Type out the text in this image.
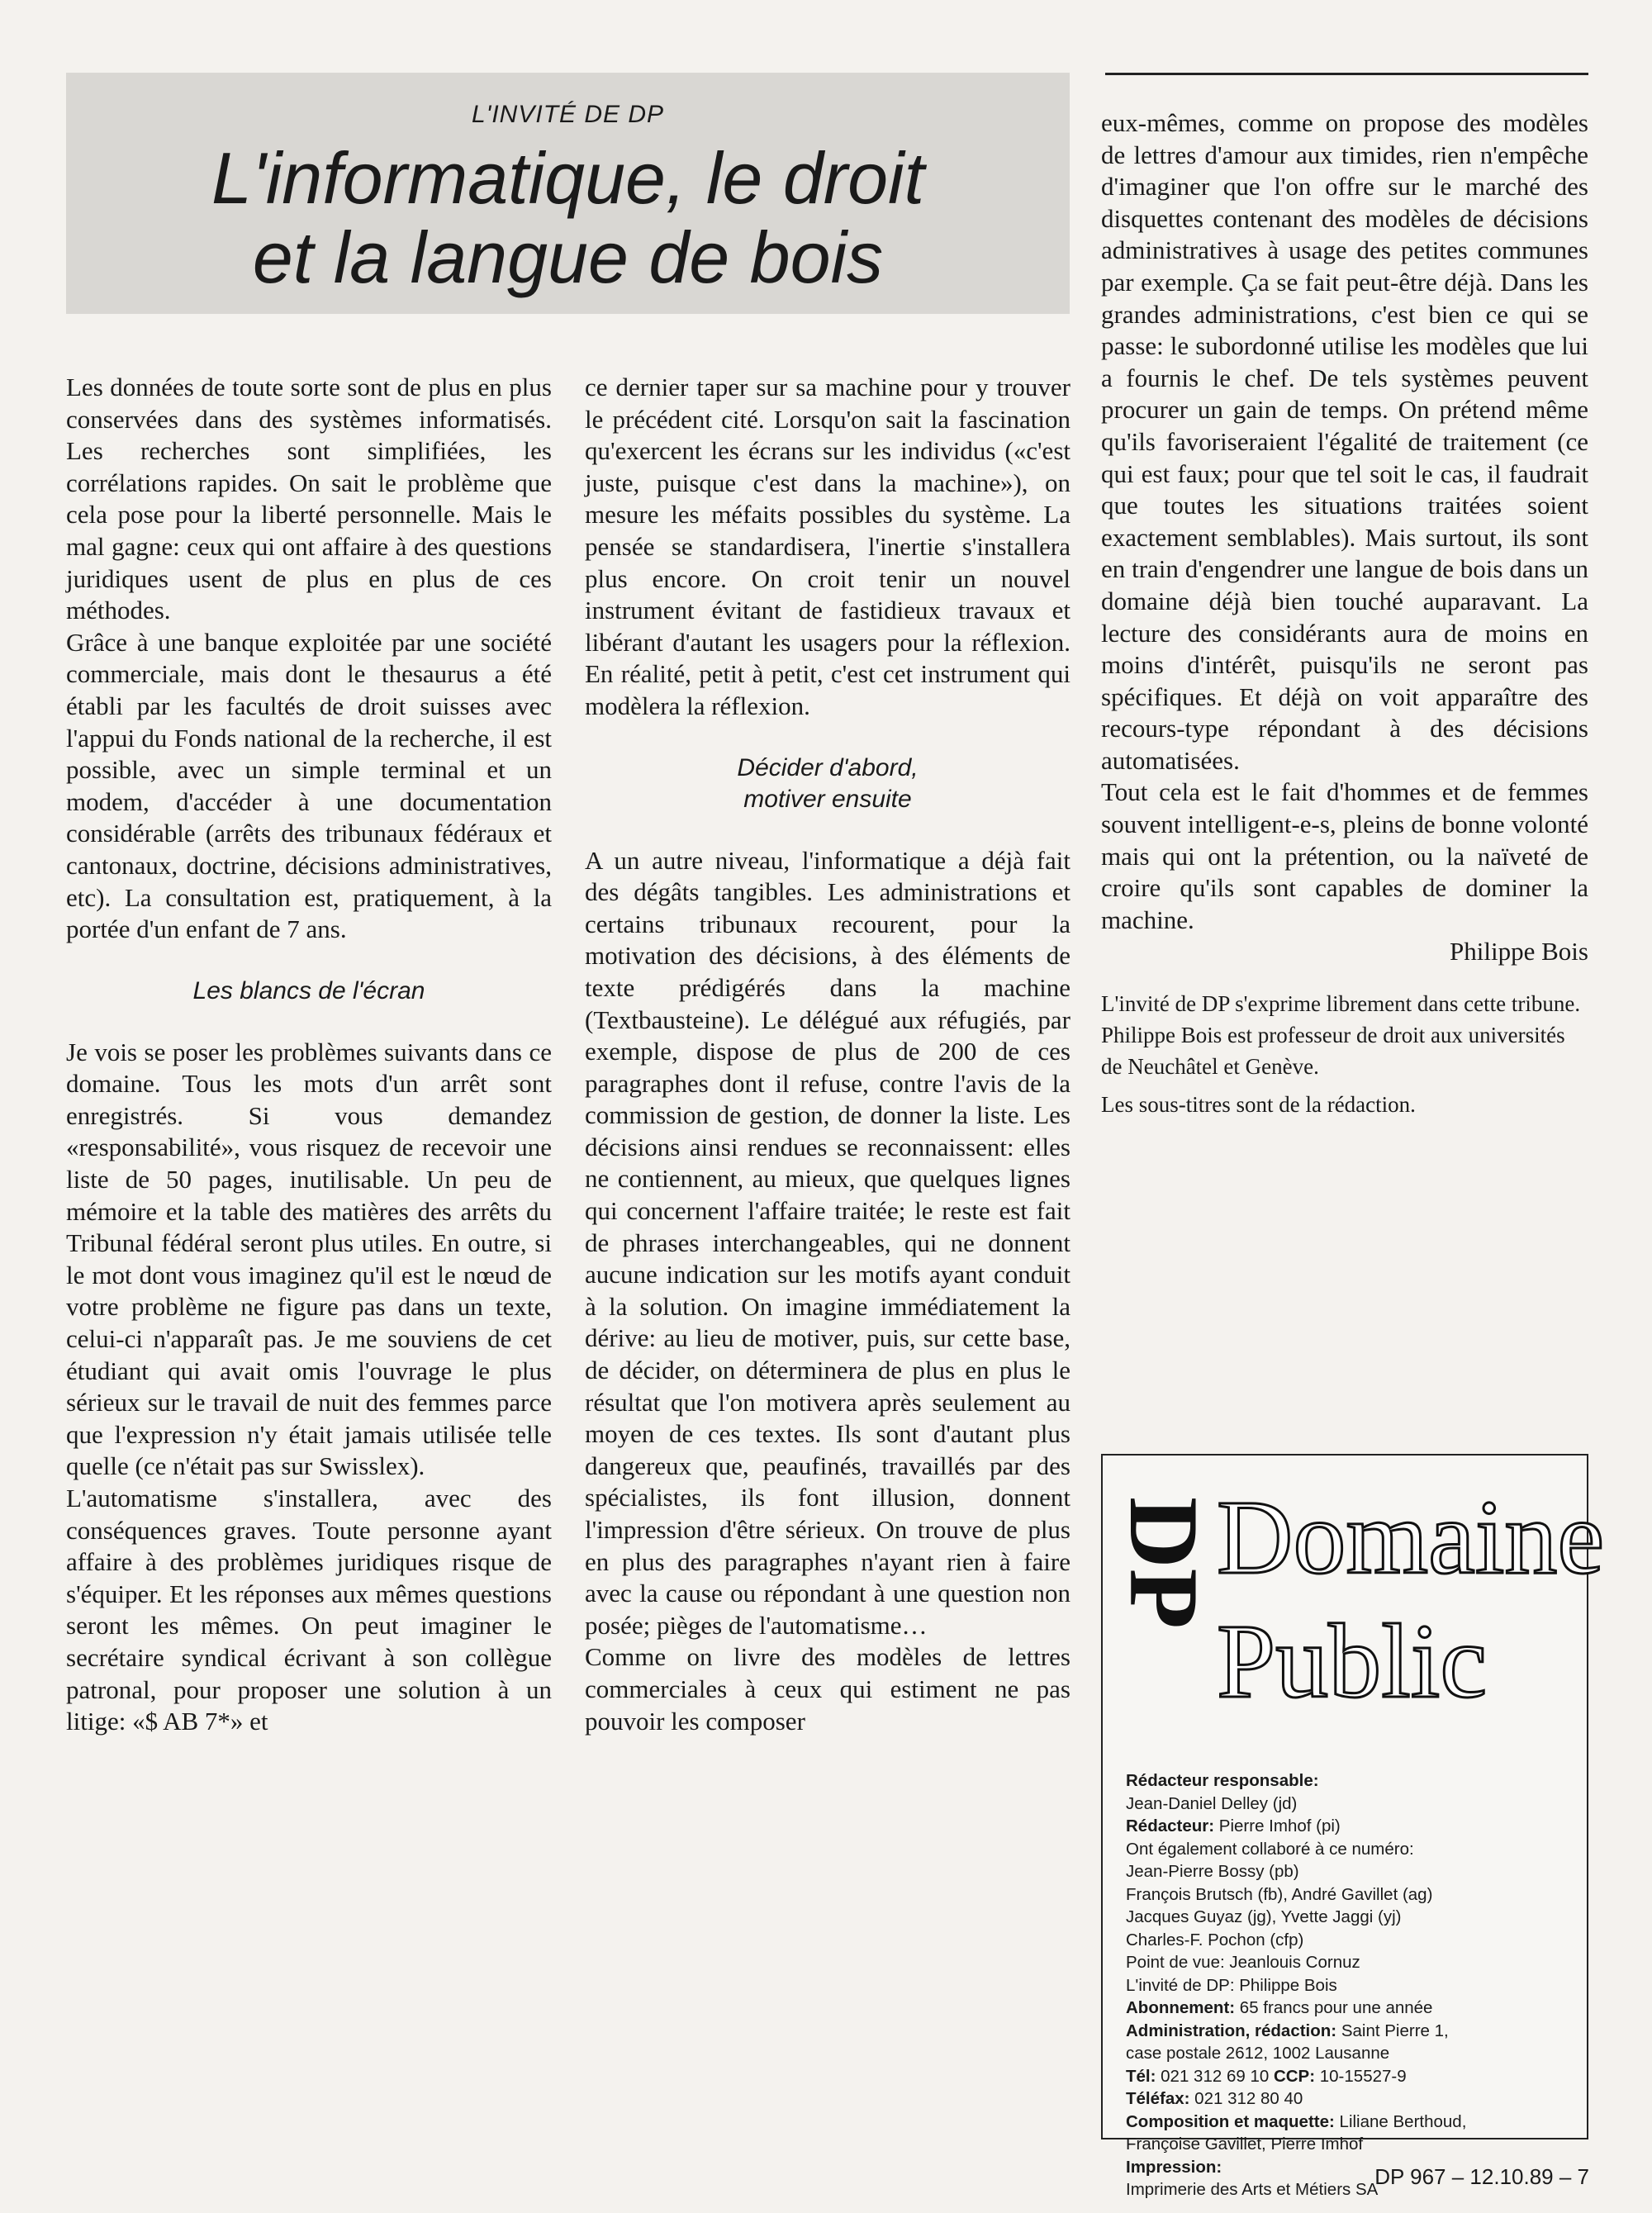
L'INVITÉ DE DP
L'informatique, le droit
et la langue de bois

Les données de toute sorte sont de plus en plus conservées dans des systèmes informatisés. Les recherches sont simplifiées, les corrélations rapides. On sait le problème que cela pose pour la liberté personnelle. Mais le mal gagne: ceux qui ont affaire à des questions juridiques usent de plus en plus de ces méthodes.

Grâce à une banque exploitée par une société commerciale, mais dont le thesaurus a été établi par les facultés de droit suisses avec l'appui du Fonds national de la recherche, il est possible, avec un simple terminal et un modem, d'accéder à une documentation considérable (arrêts des tribunaux fédéraux et cantonaux, doctrine, décisions administratives, etc). La consultation est, pratiquement, à la portée d'un enfant de 7 ans.

Les blancs de l'écran

Je vois se poser les problèmes suivants dans ce domaine. Tous les mots d'un arrêt sont enregistrés. Si vous demandez «responsabilité», vous risquez de recevoir une liste de 50 pages, inutilisable. Un peu de mémoire et la table des matières des arrêts du Tribunal fédéral seront plus utiles. En outre, si le mot dont vous imaginez qu'il est le nœud de votre problème ne figure pas dans un texte, celui-ci n'apparaît pas. Je me souviens de cet étudiant qui avait omis l'ouvrage le plus sérieux sur le travail de nuit des femmes parce que l'expression n'y était jamais utilisée telle quelle (ce n'était pas sur Swisslex).

L'automatisme s'installera, avec des conséquences graves. Toute personne ayant affaire à des problèmes juridiques risque de s'équiper. Et les réponses aux mêmes questions seront les mêmes. On peut imaginer le secrétaire syndical écrivant à son collègue patronal, pour proposer une solution à un litige: «$ AB 7*» et

ce dernier taper sur sa machine pour y trouver le précédent cité. Lorsqu'on sait la fascination qu'exercent les écrans sur les individus («c'est juste, puisque c'est dans la machine»), on mesure les méfaits possibles du système. La pensée se standardisera, l'inertie s'installera plus encore. On croit tenir un nouvel instrument évitant de fastidieux travaux et libérant d'autant les usagers pour la réflexion. En réalité, petit à petit, c'est cet instrument qui modèlera la réflexion.

Décider d'abord,
motiver ensuite

A un autre niveau, l'informatique a déjà fait des dégâts tangibles. Les administrations et certains tribunaux recourent, pour la motivation des décisions, à des éléments de texte prédigérés dans la machine (Textbausteine). Le délégué aux réfugiés, par exemple, dispose de plus de 200 de ces paragraphes dont il refuse, contre l'avis de la commission de gestion, de donner la liste. Les décisions ainsi rendues se reconnaissent: elles ne contiennent, au mieux, que quelques lignes qui concernent l'affaire traitée; le reste est fait de phrases interchangeables, qui ne donnent aucune indication sur les motifs ayant conduit à la solution. On imagine immédiatement la dérive: au lieu de motiver, puis, sur cette base, de décider, on déterminera de plus en plus le résultat que l'on motivera après seulement au moyen de ces textes. Ils sont d'autant plus dangereux que, peaufinés, travaillés par des spécialistes, ils font illusion, donnent l'impression d'être sérieux. On trouve de plus en plus des paragraphes n'ayant rien à faire avec la cause ou répondant à une question non posée; pièges de l'automatisme…

Comme on livre des modèles de lettres commerciales à ceux qui estiment ne pas pouvoir les composer

eux-mêmes, comme on propose des modèles de lettres d'amour aux timides, rien n'empêche d'imaginer que l'on offre sur le marché des disquettes contenant des modèles de décisions administratives à usage des petites communes par exemple. Ça se fait peut-être déjà. Dans les grandes administrations, c'est bien ce qui se passe: le subordonné utilise les modèles que lui a fournis le chef. De tels systèmes peuvent procurer un gain de temps. On prétend même qu'ils favoriseraient l'égalité de traitement (ce qui est faux; pour que tel soit le cas, il faudrait que toutes les situations traitées soient exactement semblables). Mais surtout, ils sont en train d'engendrer une langue de bois dans un domaine déjà bien touché auparavant. La lecture des considérants aura de moins en moins d'intérêt, puisqu'ils ne seront pas spécifiques. Et déjà on voit apparaître des recours-type répondant à des décisions automatisées.

Tout cela est le fait d'hommes et de femmes souvent intelligent-e-s, pleins de bonne volonté mais qui ont la prétention, ou la naïveté de croire qu'ils sont capables de dominer la machine.

Philippe Bois

L'invité de DP s'exprime librement dans cette tribune. Philippe Bois est professeur de droit aux universités de Neuchâtel et Genève.

Les sous-titres sont de la rédaction.

DP
Domaine
Public
Rédacteur responsable:
Jean-Daniel Delley (jd)
Rédacteur: Pierre Imhof (pi)
Ont également collaboré à ce numéro:
Jean-Pierre Bossy (pb)
François Brutsch (fb), André Gavillet (ag)
Jacques Guyaz (jg), Yvette Jaggi (yj)
Charles-F. Pochon (cfp)
Point de vue: Jeanlouis Cornuz
L'invité de DP: Philippe Bois
Abonnement: 65 francs pour une année
Administration, rédaction: Saint Pierre 1,
case postale 2612, 1002 Lausanne
Tél: 021 312 69 10 CCP: 10-15527-9
Téléfax: 021 312 80 40
Composition et maquette: Liliane Berthoud,
Françoise Gavillet, Pierre Imhof
Impression:
Imprimerie des Arts et Métiers SA
DP 967 – 12.10.89 – 7
